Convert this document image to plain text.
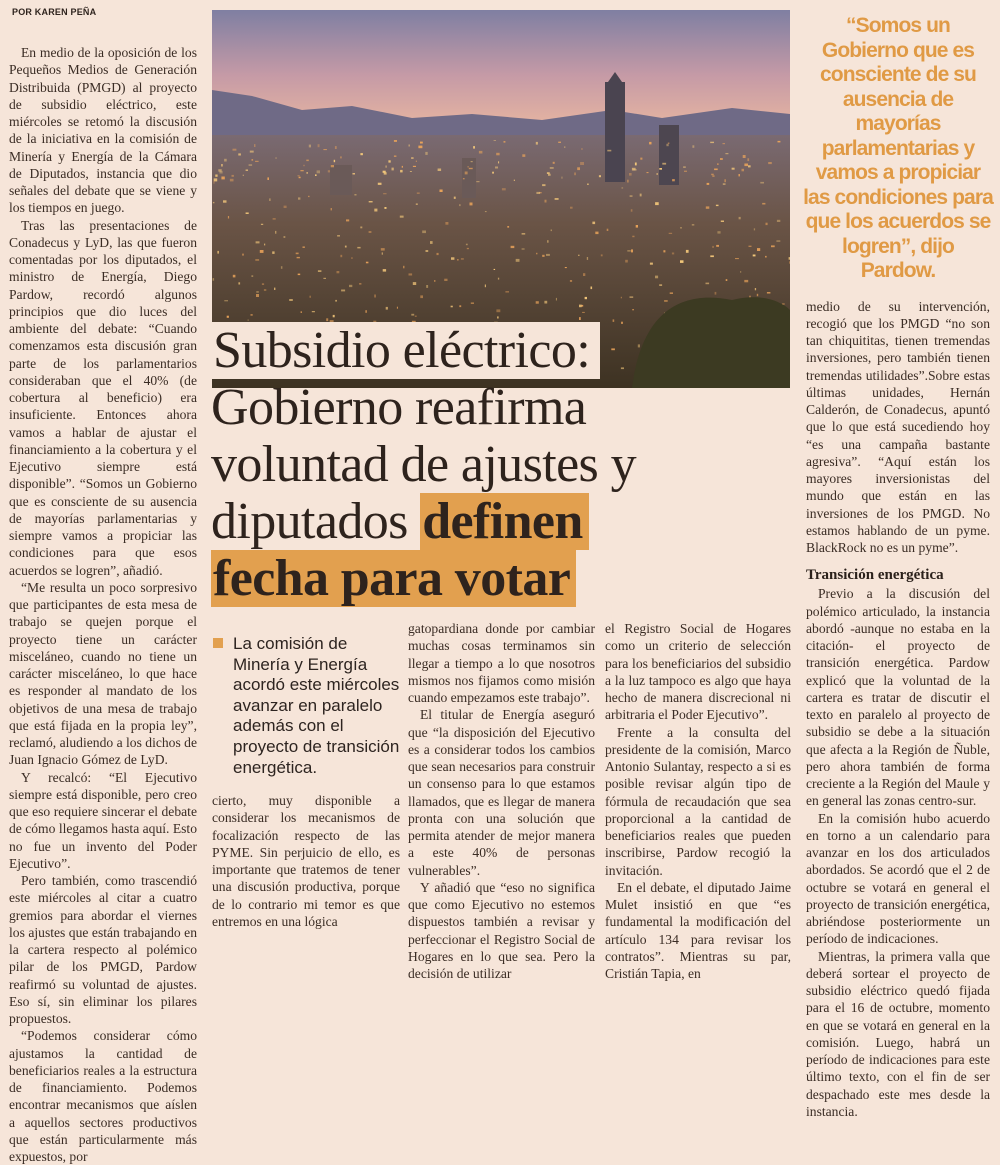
POR KAREN PEÑA
Subsidio eléctrico:
Gobierno reafirma
voluntad de ajustes y
diputados definen
fecha para votar
“Somos un Gobierno que es consciente de su ausencia de mayorías parlamentarias y vamos a propiciar las condiciones para que los acuerdos se logren”, dijo Pardow.

medio de su intervención, recogió que los PMGD “no son tan chiquititas, tienen tremendas inversiones, pero también tienen tremendas utilidades”.Sobre estas últimas unidades, Hernán Calderón, de Conadecus, apuntó que lo que está sucediendo hoy “es una campaña bastante agresiva”. “Aquí están los mayores inversionistas del mundo que están en las inversiones de los PMGD. No estamos hablando de un pyme. BlackRock no es un pyme”.

Transición energética

Previo a la discusión del polémico articulado, la instancia abordó -aunque no estaba en la citación- el proyecto de transición energética. Pardow explicó que la voluntad de la cartera es tratar de discutir el texto en paralelo al proyecto de subsidio se debe a la situación que afecta a la Región de Ñuble, pero ahora también de forma creciente a la Región del Maule y en general las zonas centro-sur.

En la comisión hubo acuerdo en torno a un calendario para avanzar en los dos articulados abordados. Se acordó que el 2 de octubre se votará en general el proyecto de transición energética, abriéndose posteriormente un período de indicaciones.

Mientras, la primera valla que deberá sortear el proyecto de subsidio eléctrico quedó fijada para el 16 de octubre, momento en que se votará en general en la comisión. Luego, habrá un período de indicaciones para este último texto, con el fin de ser despachado este mes desde la instancia.

La comisión de Minería y Energía acordó este miércoles avanzar en paralelo además con el proyecto de transición energética.

cierto, muy disponible a considerar los mecanismos de focalización respecto de las PYME. Sin perjuicio de ello, es importante que tratemos de tener una discusión productiva, porque de lo contrario mi temor es que entremos en una lógica

En medio de la oposición de los Pequeños Medios de Generación Distribuida (PMGD) al proyecto de subsidio eléctrico, este miércoles se retomó la discusión de la iniciativa en la comisión de Minería y Energía de la Cámara de Diputados, instancia que dio señales del debate que se viene y los tiempos en juego.

Tras las presentaciones de Conadecus y LyD, las que fueron comentadas por los diputados, el ministro de Energía, Diego Pardow, recordó algunos principios que dio luces del ambiente del debate: “Cuando comenzamos esta discusión gran parte de los parlamentarios consideraban que el 40% (de cobertura al beneficio) era insuficiente. Entonces ahora vamos a hablar de ajustar el financiamiento a la cobertura y el Ejecutivo siempre está disponible”. “Somos un Gobierno que es consciente de su ausencia de mayorías parlamentarias y siempre vamos a propiciar las condiciones para que esos acuerdos se logren”, añadió.

“Me resulta un poco sorpresivo que participantes de esta mesa de trabajo se quejen porque el proyecto tiene un carácter misceláneo, cuando no tiene un carácter misceláneo, lo que hace es responder al mandato de los objetivos de una mesa de trabajo que está fijada en la propia ley”, reclamó, aludiendo a los dichos de Juan Ignacio Gómez de LyD.

Y recalcó: “El Ejecutivo siempre está disponible, pero creo que eso requiere sincerar el debate de cómo llegamos hasta aquí. Esto no fue un invento del Poder Ejecutivo”.

Pero también, como trascendió este miércoles al citar a cuatro gremios para abordar el viernes los ajustes que están trabajando en la cartera respecto al polémico pilar de los PMGD, Pardow reafirmó su voluntad de ajustes. Eso sí, sin eliminar los pilares propuestos.

“Podemos considerar cómo ajustamos la cantidad de beneficiarios reales a la estructura de financiamiento. Podemos encontrar mecanismos que aíslen a aquellos sectores productivos que están particularmente más expuestos, por

gatopardiana donde por cambiar muchas cosas terminamos sin llegar a tiempo a lo que nosotros mismos nos fijamos como misión cuando empezamos este trabajo”.

El titular de Energía aseguró que “la disposición del Ejecutivo es a considerar todos los cambios que sean necesarios para construir un consenso para lo que estamos llamados, que es llegar de manera pronta con una solución que permita atender de mejor manera a este 40% de personas vulnerables”.

Y añadió que “eso no significa que como Ejecutivo no estemos dispuestos también a revisar y perfeccionar el Registro Social de Hogares en lo que sea. Pero la decisión de utilizar

el Registro Social de Hogares como un criterio de selección para los beneficiarios del subsidio a la luz tampoco es algo que haya hecho de manera discrecional ni arbitraria el Poder Ejecutivo”.

Frente a la consulta del presidente de la comisión, Marco Antonio Sulantay, respecto a si es posible revisar algún tipo de fórmula de recaudación que sea proporcional a la cantidad de beneficiarios reales que pueden inscribirse, Pardow recogió la invitación.

En el debate, el diputado Jaime Mulet insistió en que “es fundamental la modificación del artículo 134 para revisar los contratos”. Mientras su par, Cristián Tapia, en
